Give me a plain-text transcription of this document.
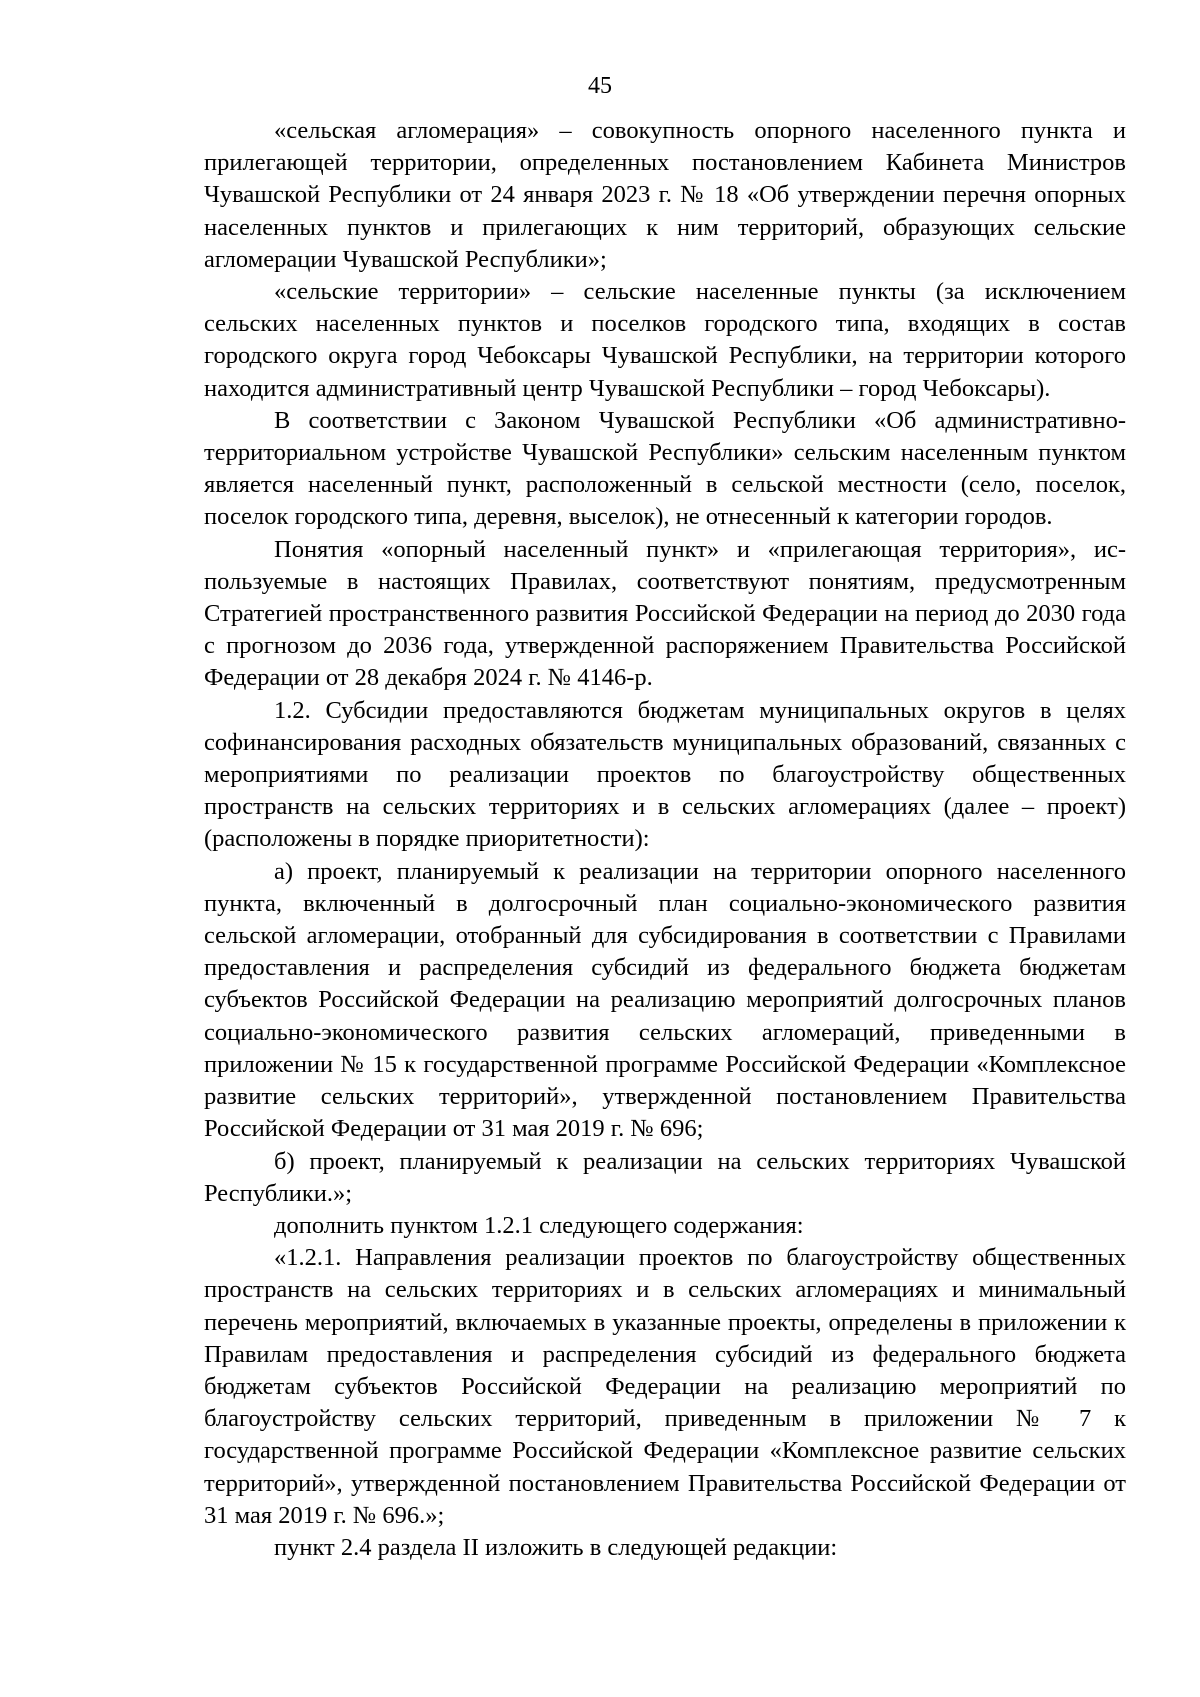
45

«сельская агломерация» – совокупность опорного населенного пункта и прилегающей территории, определенных постановлением Кабинета Министров Чувашской Республики от 24 января 2023 г. № 18 «Об утверждении перечня опорных населенных пунктов и прилегающих к ним территорий, образующих сельские агломерации Чувашской Республики»;

«сельские территории» – сельские населенные пункты (за исключением сельских населенных пунктов и поселков городского типа, входящих в состав городского округа город Чебоксары Чувашской Республики, на территории которого находится административный центр Чувашской Республики – город Чебоксары).

В соответствии с Законом Чувашской Республики «Об административно-территориальном устройстве Чувашской Республики» сельским населенным пунктом является населенный пункт, расположенный в сельской местности (село, поселок, поселок городского типа, деревня, выселок), не отнесенный к категории городов.

Понятия «опорный населенный пункт» и «прилегающая территория», используемые в настоящих Правилах, соответствуют понятиям, предусмотренным Стратегией пространственного развития Российской Федерации на период до 2030 года с прогнозом до 2036 года, утвержденной распоряжением Правительства Российской Федерации от 28 декабря 2024 г. № 4146-р.

1.2. Субсидии предоставляются бюджетам муниципальных округов в целях софинансирования расходных обязательств муниципальных образований, связанных с мероприятиями по реализации проектов по благоустройству общественных пространств на сельских территориях и в сельских агломерациях (далее – проект) (расположены в порядке приоритетности):

а) проект, планируемый к реализации на территории опорного населенного пункта, включенный в долгосрочный план социально-экономического развития сельской агломерации, отобранный для субсидирования в соответствии с Правилами предоставления и распределения субсидий из федерального бюджета бюджетам субъектов Российской Федерации на реализацию мероприятий долгосрочных планов социально-экономического развития сельских агломераций, приведенными в приложении № 15 к государственной программе Российской Федерации «Комплексное развитие сельских территорий», утвержденной постановлением Правительства Российской Федерации от 31 мая 2019 г. № 696;

б) проект, планируемый к реализации на сельских территориях Чувашской Республики.»;

дополнить пунктом 1.2.1 следующего содержания:

«1.2.1. Направления реализации проектов по благоустройству общественных пространств на сельских территориях и в сельских агломерациях и минимальный перечень мероприятий, включаемых в указанные проекты, определены в приложении к Правилам предоставления и распределения субсидий из федерального бюджета бюджетам субъектов Российской Федерации на реализацию мероприятий по благоустройству сельских территорий, приведенным в приложении № 7 к государственной программе Российской Федерации «Комплексное развитие сельских территорий», утвержденной постановлением Правительства Российской Федерации от 31 мая 2019 г. № 696.»;

пункт 2.4 раздела II изложить в следующей редакции:
